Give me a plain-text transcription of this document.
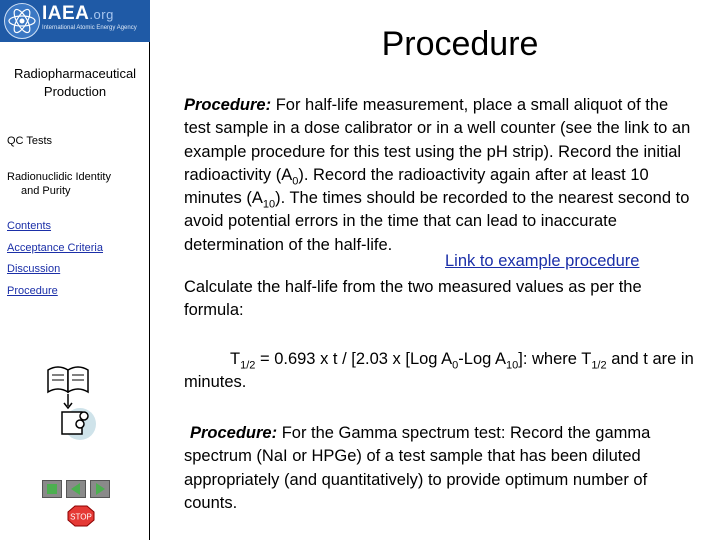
IAEA.org
International Atomic Energy Agency
Radiopharmaceutical
Production
QC Tests
Radionuclidic Identity
and Purity
Contents
Acceptance Criteria
Discussion
Procedure
STOP
Procedure
Procedure: For half-life measurement, place a small aliquot of the test sample in a dose calibrator or in a well counter (see the link to an example procedure for this test using the pH strip). Record the initial radioactivity $(A_0)$. Record the radioactivity again after at least 10 minutes $(A_{10})$. The times should be recorded to the nearest second to avoid potential errors in the time that can lead to inaccurate determination of the half-life.
Link to example procedure
Calculate the half-life from the two measured values as per the formula:
$T_{1/2} = 0.693$ x t / [2.03 x [Log $A_0$-Log $A_{10}$]: where $T_{1/2}$ and t are in minutes.
Procedure: For the Gamma spectrum test: Record the gamma spectrum (NaI or HPGe) of a test sample that has been diluted appropriately (and quantitatively) to provide optimum number of counts.
